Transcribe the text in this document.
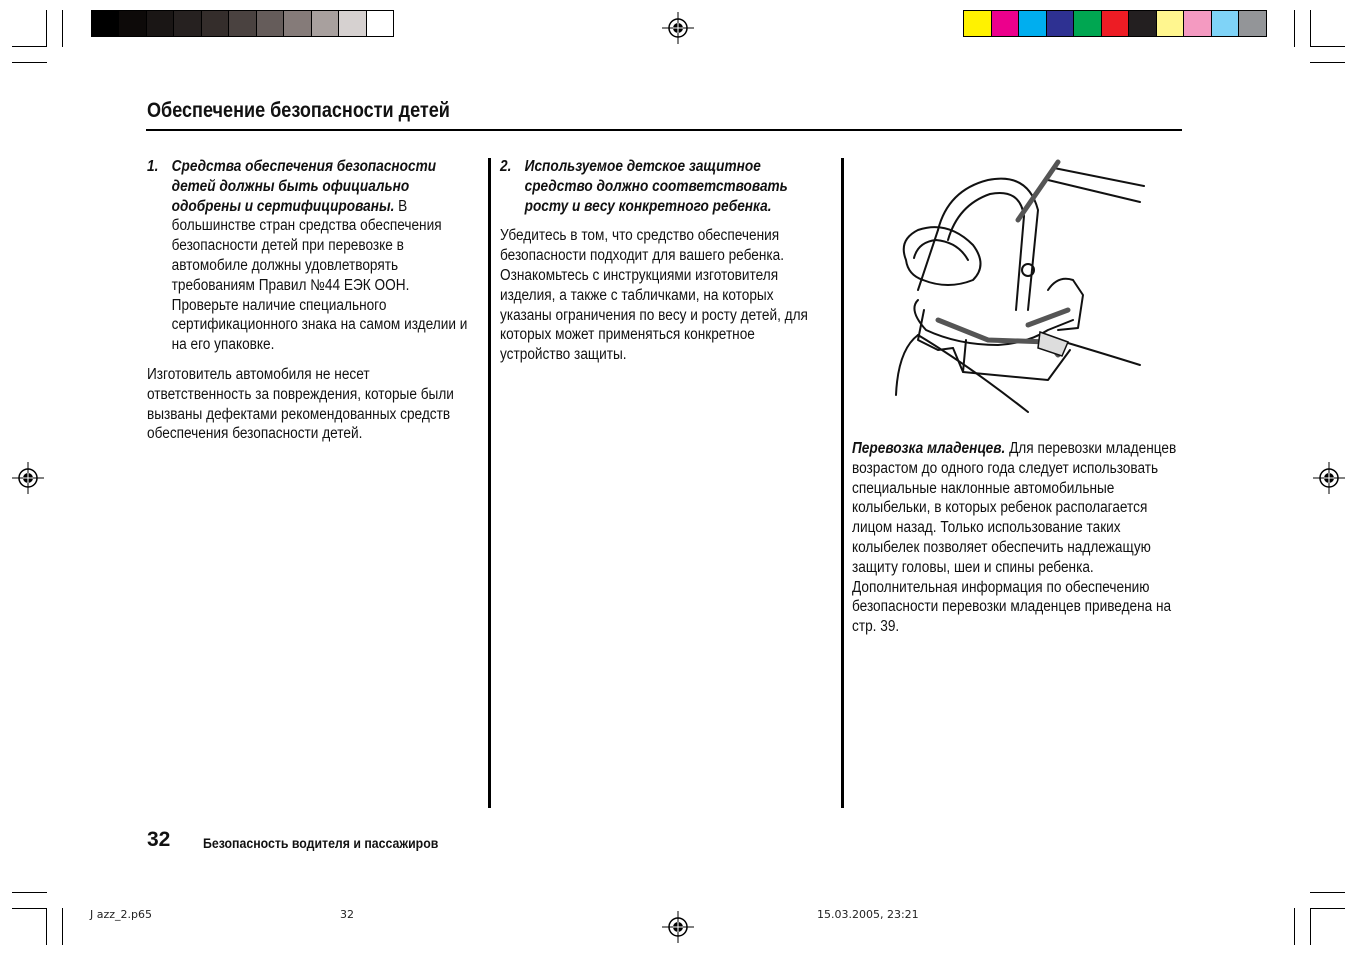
Обеспечение безопасности детей
1. Средства обеспечения безопасности детей должны быть официально одобрены и сертифицированы. В большинстве стран средства обеспечения безопасности детей при перевозке в автомобиле должны удовлетворять требованиям Правил №44 ЕЭК ООН. Проверьте наличие специального сертификационного знака на самом изделии и на его упаковке.

Изготовитель автомобиля не несет ответственность за повреждения, которые были вызваны дефектами рекомендованных средств обеспечения безопасности детей.

2. Используемое детское защитное средство должно соответствовать росту и весу конкретного ребенка.

Убедитесь в том, что средство обеспечения безопасности подходит для вашего ребенка. Ознакомьтесь с инструкциями изготовителя изделия, а также с табличками, на которых указаны ограничения по весу и росту детей, для которых может применяться конкретное устройство защиты.

Перевозка младенцев. Для перевозки младенцев возрастом до одного года следует использовать специальные наклонные автомобильные колыбельки, в которых ребенок располагается лицом назад. Только использование таких колыбелек позволяет обеспечить надлежащую защиту головы, шеи и спины ребенка. Дополнительная информация по обеспечению безопасности перевозки младенцев приведена на стр. 39.

32 Безопасность водителя и пассажиров
J azz_2.p65	32	15.03.2005, 23:21
